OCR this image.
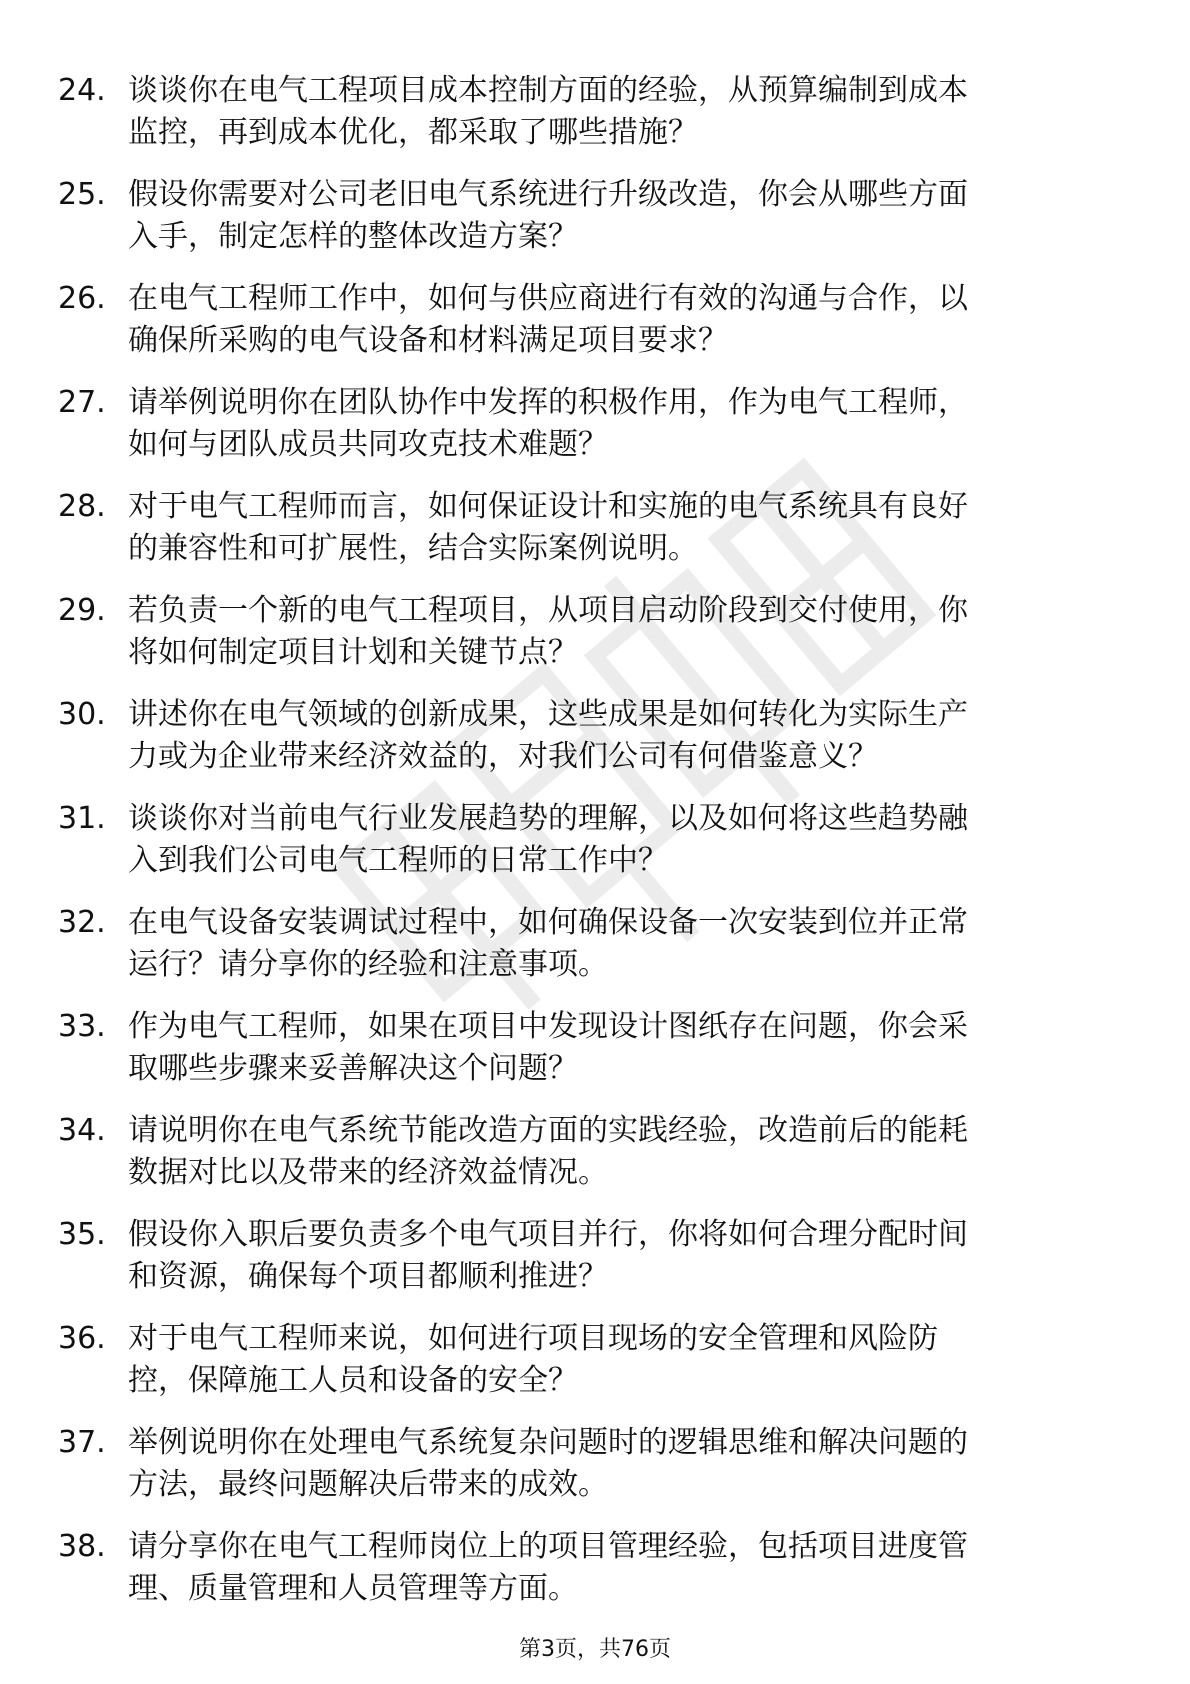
24. 谈谈你在电气工程项目成本控制方面的经验，从预算编制到成本
监控，再到成本优化，都采取了哪些措施？

25. 假设你需要对公司老旧电气系统进行升级改造，你会从哪些方面
入手，制定怎样的整体改造方案？

26. 在电气工程师工作中，如何与供应商进行有效的沟通与合作，以
确保所采购的电气设备和材料满足项目要求？

27. 请举例说明你在团队协作中发挥的积极作用，作为电气工程师，
如何与团队成员共同攻克技术难题？

28. 对于电气工程师而言，如何保证设计和实施的电气系统具有良好
的兼容性和可扩展性，结合实际案例说明。

29. 若负责一个新的电气工程项目，从项目启动阶段到交付使用，你
将如何制定项目计划和关键节点？

30. 讲述你在电气领域的创新成果，这些成果是如何转化为实际生产
力或为企业带来经济效益的，对我们公司有何借鉴意义？

31. 谈谈你对当前电气行业发展趋势的理解，以及如何将这些趋势融
入到我们公司电气工程师的日常工作中？

32. 在电气设备安装调试过程中，如何确保设备一次安装到位并正常
运行？请分享你的经验和注意事项。

33. 作为电气工程师，如果在项目中发现设计图纸存在问题，你会采
取哪些步骤来妥善解决这个问题？

34. 请说明你在电气系统节能改造方面的实践经验，改造前后的能耗
数据对比以及带来的经济效益情况。

35. 假设你入职后要负责多个电气项目并行，你将如何合理分配时间
和资源，确保每个项目都顺利推进？

36. 对于电气工程师来说，如何进行项目现场的安全管理和风险防
控，保障施工人员和设备的安全？

37. 举例说明你在处理电气系统复杂问题时的逻辑思维和解决问题的
方法，最终问题解决后带来的成效。

38. 请分享你在电气工程师岗位上的项目管理经验，包括项目进度管
理、质量管理和人员管理等方面。

第3页，共76页
